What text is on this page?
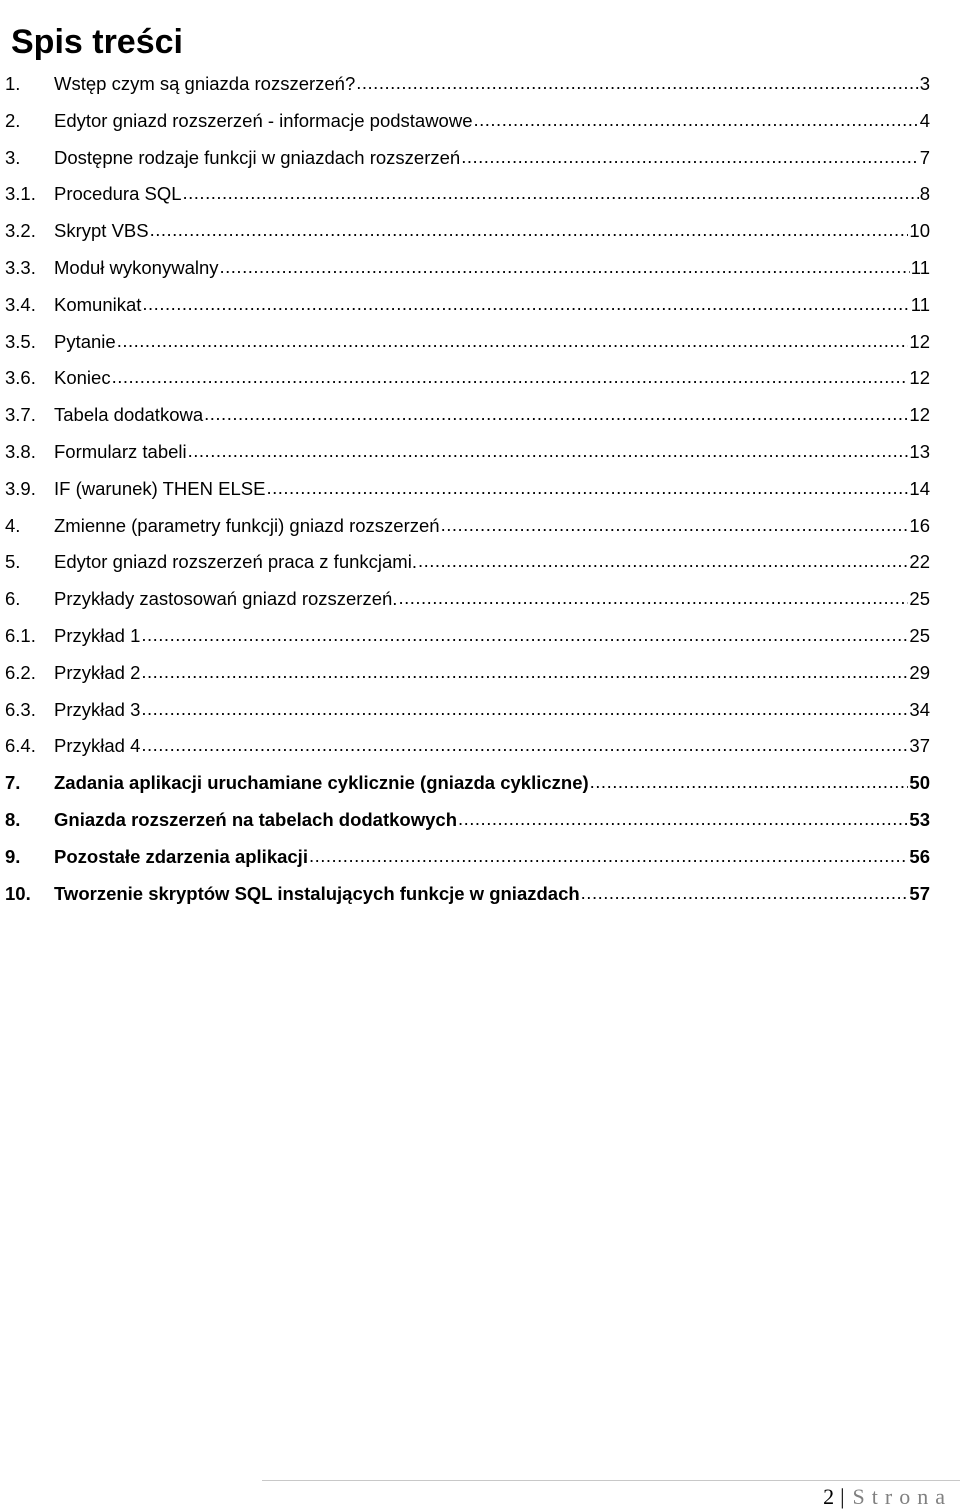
Spis treści
1.	Wstęp czym są gniazda rozszerzeń? .....	3
2.	Edytor gniazd rozszerzeń - informacje podstawowe .....	4
3.	Dostępne rodzaje funkcji w gniazdach rozszerzeń .....	7
3.1. Procedura SQL .....	8
3.2. Skrypt VBS .....	10
3.3. Moduł wykonywalny .....	11
3.4. Komunikat .....	11
3.5. Pytanie .....	12
3.6. Koniec .....	12
3.7. Tabela dodatkowa .....	12
3.8. Formularz tabeli .....	13
3.9. IF (warunek) THEN ELSE .....	14
4.	Zmienne (parametry funkcji) gniazd rozszerzeń .....	16
5.	Edytor gniazd rozszerzeń praca z funkcjami. .....	22
6.	Przykłady zastosowań gniazd rozszerzeń. .....	25
6.1. Przykład 1 .....	25
6.2. Przykład 2 .....	29
6.3. Przykład 3 .....	34
6.4. Przykład 4 .....	37
7.	Zadania aplikacji uruchamiane cyklicznie (gniazda cykliczne) .....	50
8.	Gniazda rozszerzeń na tabelach dodatkowych .....	53
9.	Pozostałe zdarzenia aplikacji .....	56
10.	Tworzenie skryptów SQL instalujących funkcje w gniazdach .....	57
2 | Strona
